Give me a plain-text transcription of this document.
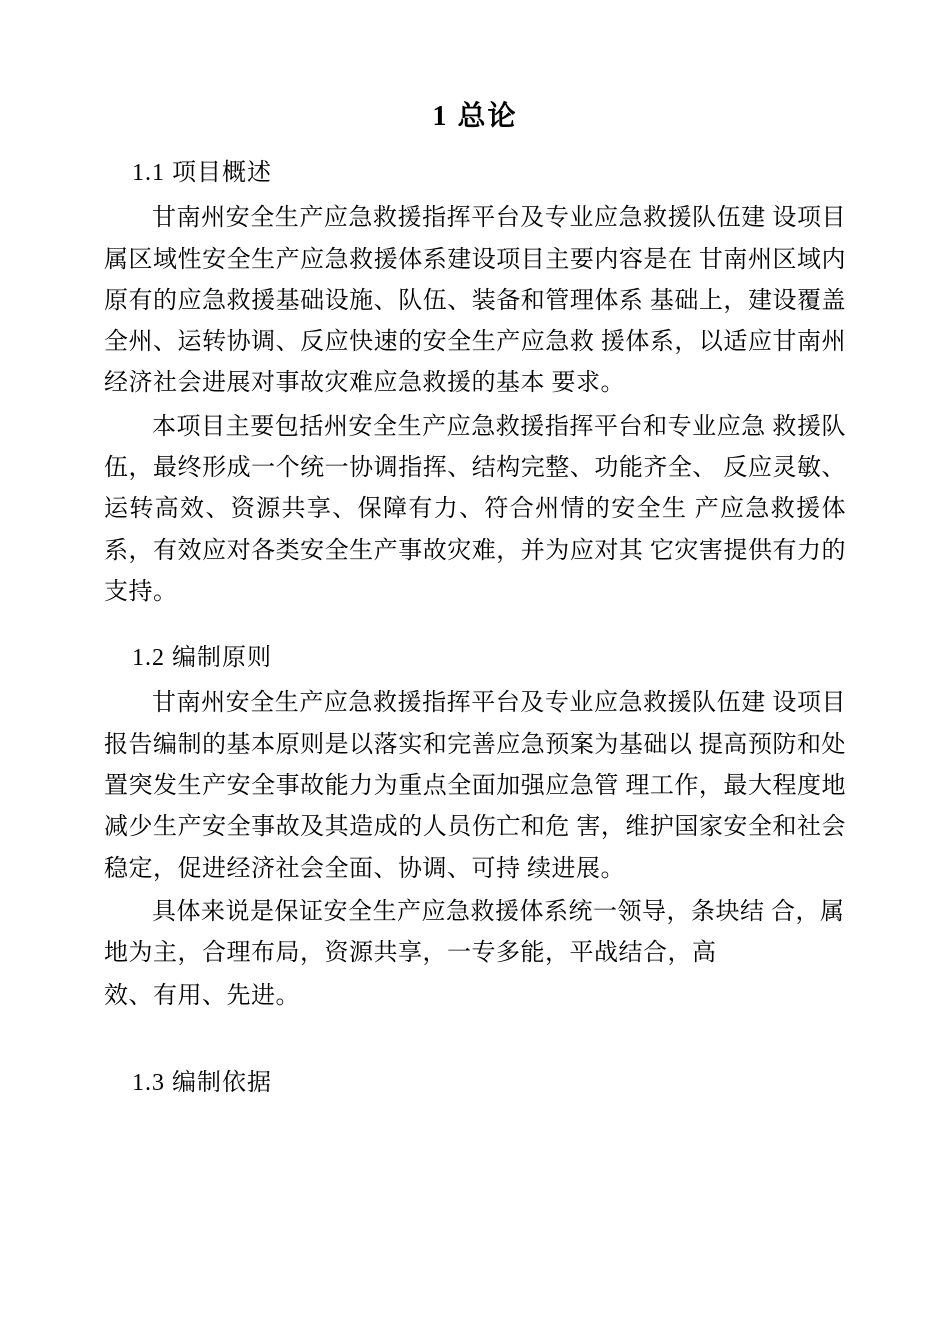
1 总论
1.1 项目概述

甘南州安全生产应急救援指挥平台及专业应急救援队伍建 设项目属区域性安全生产应急救援体系建设项目主要内容是在 甘南州区域内原有的应急救援基础设施、队伍、装备和管理体系 基础上，建设覆盖全州、运转协调、反应快速的安全生产应急救 援体系，以适应甘南州经济社会进展对事故灾难应急救援的基本 要求。

本项目主要包括州安全生产应急救援指挥平台和专业应急 救援队伍，最终形成一个统一协调指挥、结构完整、功能齐全、 反应灵敏、运转高效、资源共享、保障有力、符合州情的安全生 产应急救援体系，有效应对各类安全生产事故灾难，并为应对其 它灾害提供有力的支持。

1.2 编制原则

甘南州安全生产应急救援指挥平台及专业应急救援队伍建 设项目报告编制的基本原则是以落实和完善应急预案为基础以 提高预防和处置突发生产安全事故能力为重点全面加强应急管 理工作，最大程度地减少生产安全事故及其造成的人员伤亡和危 害，维护国家安全和社会稳定，促进经济社会全面、协调、可持 续进展。

具体来说是保证安全生产应急救援体系统一领导，条块结 合，属地为主，合理布局，资源共享，一专多能，平战结合，高

效、有用、先进。

1.3 编制依据
